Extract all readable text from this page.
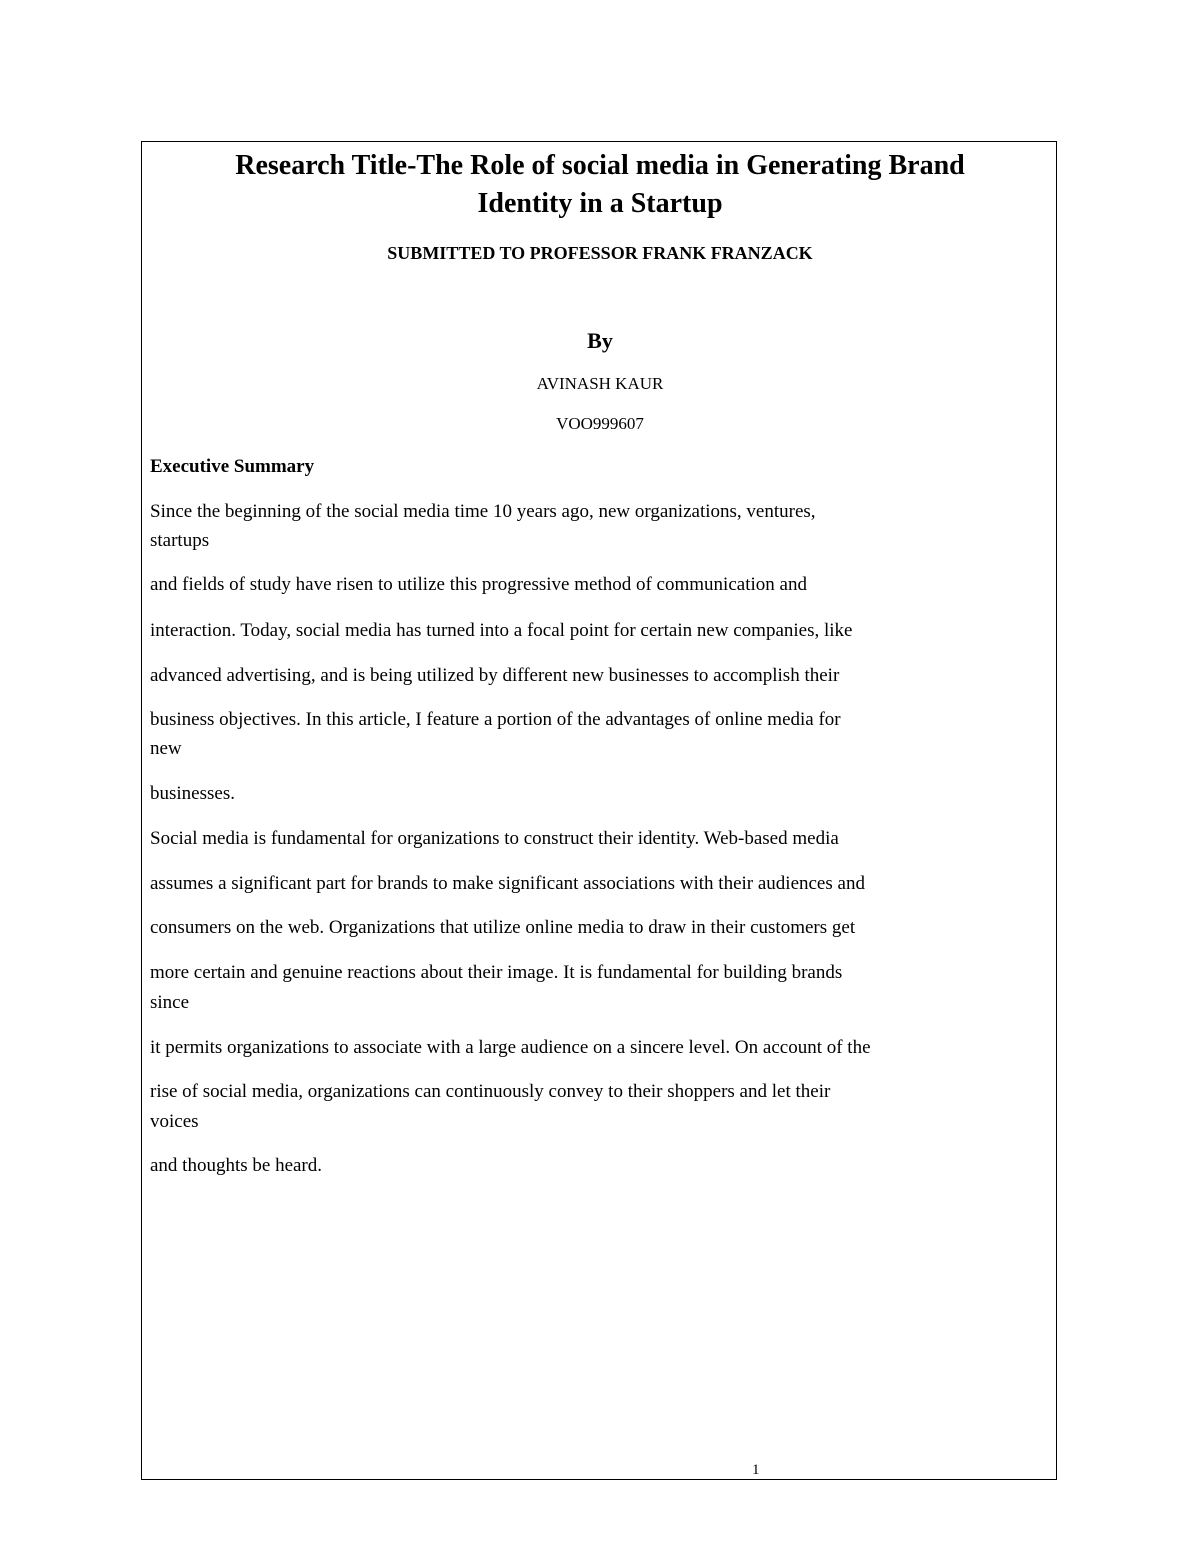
Research Title-The Role of social media in Generating Brand
Identity in a Startup
SUBMITTED TO PROFESSOR FRANK FRANZACK
By
AVINASH KAUR
VOO999607
Executive Summary
Since the beginning of the social media time 10 years ago, new organizations, ventures,
startups
and fields of study have risen to utilize this progressive method of communication and
interaction. Today, social media has turned into a focal point for certain new companies, like
advanced advertising, and is being utilized by different new businesses to accomplish their
business objectives. In this article, I feature a portion of the advantages of online media for
new
businesses.
Social media is fundamental for organizations to construct their identity. Web-based media
assumes a significant part for brands to make significant associations with their audiences and
consumers on the web. Organizations that utilize online media to draw in their customers get
more certain and genuine reactions about their image. It is fundamental for building brands
since
it permits organizations to associate with a large audience on a sincere level. On account of the
rise of social media, organizations can continuously convey to their shoppers and let their
voices
and thoughts be heard.
1
